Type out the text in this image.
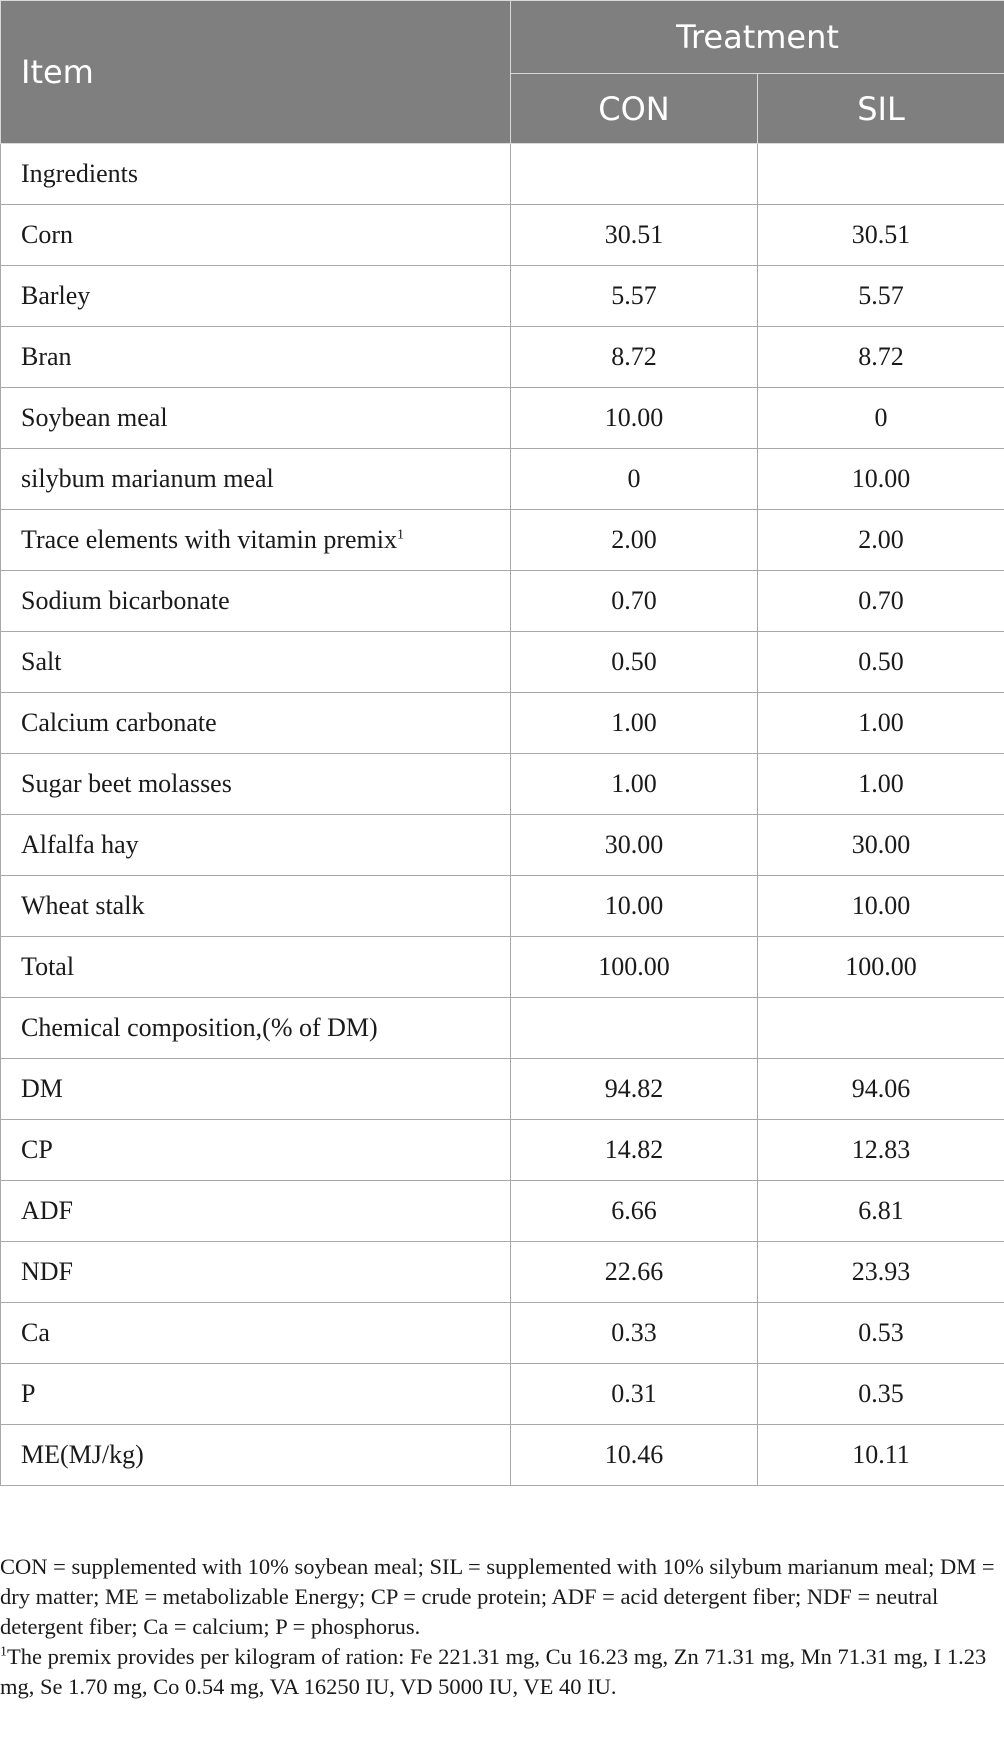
Item	Treatment	
	CON	SIL
Ingredients		
Corn	30.51	30.51
Barley	5.57	5.57
Bran	8.72	8.72
Soybean meal	10.00	0
silybum marianum meal	0	10.00
Trace elements with vitamin premix$^1$	2.00	2.00
Sodium bicarbonate	0.70	0.70
Salt	0.50	0.50
Calcium carbonate	1.00	1.00
Sugar beet molasses	1.00	1.00
Alfalfa hay	30.00	30.00
Wheat stalk	10.00	10.00
Total	100.00	100.00
Chemical composition,(% of DM)		
DM	94.82	94.06
CP	14.82	12.83
ADF	6.66	6.81
NDF	22.66	23.93
Ca	0.33	0.53
P	0.31	0.35
ME(MJ/kg)	10.46	10.11

CON = supplemented with 10% soybean meal; SIL = supplemented with 10% silybum marianum meal; DM = dry matter; ME = metabolizable Energy; CP = crude protein; ADF = acid detergent fiber; NDF = neutral detergent fiber; Ca = calcium; P = phosphorus.

$^1$The premix provides per kilogram of ration: Fe 221.31 mg, Cu 16.23 mg, Zn 71.31 mg, Mn 71.31 mg, I 1.23 mg, Se 1.70 mg, Co 0.54 mg, VA 16250 IU, VD 5000 IU, VE 40 IU.
